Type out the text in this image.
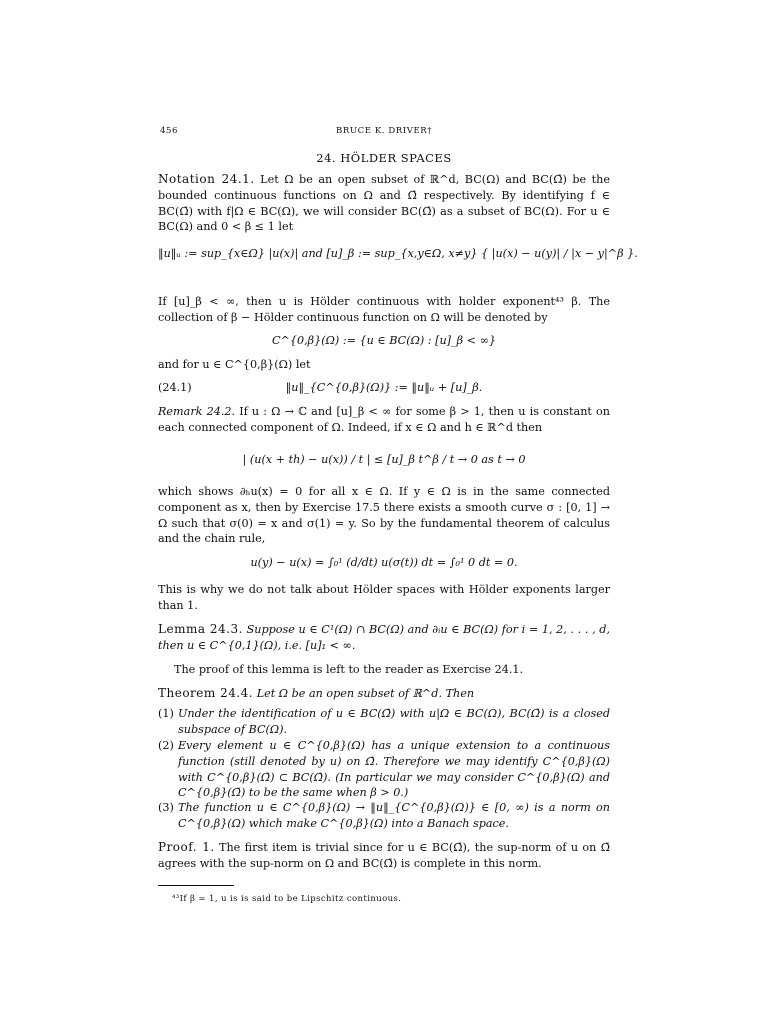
456	BRUCE K. DRIVER†
24. HÖLDER SPACES
Notation 24.1. Let Ω be an open subset of ℝ^d, BC(Ω) and BC(Ω̄) be the bounded continuous functions on Ω and Ω̄ respectively. By identifying f ∈ BC(Ω̄) with f|Ω ∈ BC(Ω), we will consider BC(Ω̄) as a subset of BC(Ω). For u ∈ BC(Ω) and 0 < β ≤ 1 let
‖u‖ᵤ := sup_{x∈Ω} |u(x)| and [u]_β := sup_{x,y∈Ω, x≠y} { |u(x) − u(y)| / |x − y|^β }.
If [u]_β < ∞, then u is Hölder continuous with holder exponent⁴³ β. The collection of β − Hölder continuous function on Ω will be denoted by
C^{0,β}(Ω) := {u ∈ BC(Ω) : [u]_β < ∞}
and for u ∈ C^{0,β}(Ω) let
(24.1)	‖u‖_{C^{0,β}(Ω)} := ‖u‖ᵤ + [u]_β.
Remark 24.2. If u : Ω → ℂ and [u]_β < ∞ for some β > 1, then u is constant on each connected component of Ω. Indeed, if x ∈ Ω and h ∈ ℝ^d then
| (u(x + th) − u(x)) / t | ≤ [u]_β t^β / t → 0 as t → 0
which shows ∂ₕu(x) = 0 for all x ∈ Ω. If y ∈ Ω is in the same connected component as x, then by Exercise 17.5 there exists a smooth curve σ : [0, 1] → Ω such that σ(0) = x and σ(1) = y. So by the fundamental theorem of calculus and the chain rule,
u(y) − u(x) = ∫₀¹ (d/dt) u(σ(t)) dt = ∫₀¹ 0 dt = 0.
This is why we do not talk about Hölder spaces with Hölder exponents larger than 1.
Lemma 24.3. Suppose u ∈ C¹(Ω) ∩ BC(Ω) and ∂ᵢu ∈ BC(Ω) for i = 1, 2, . . . , d, then u ∈ C^{0,1}(Ω), i.e. [u]₁ < ∞.
The proof of this lemma is left to the reader as Exercise 24.1.
Theorem 24.4. Let Ω be an open subset of ℝ^d. Then
(1) Under the identification of u ∈ BC(Ω̄) with u|Ω ∈ BC(Ω), BC(Ω̄) is a closed subspace of BC(Ω).
(2) Every element u ∈ C^{0,β}(Ω) has a unique extension to a continuous function (still denoted by u) on Ω̄. Therefore we may identify C^{0,β}(Ω) with C^{0,β}(Ω̄) ⊂ BC(Ω̄). (In particular we may consider C^{0,β}(Ω) and C^{0,β}(Ω̄) to be the same when β > 0.)
(3) The function u ∈ C^{0,β}(Ω) → ‖u‖_{C^{0,β}(Ω)} ∈ [0, ∞) is a norm on C^{0,β}(Ω) which make C^{0,β}(Ω) into a Banach space.
Proof. 1. The first item is trivial since for u ∈ BC(Ω̄), the sup-norm of u on Ω̄ agrees with the sup-norm on Ω and BC(Ω̄) is complete in this norm.
⁴³If β = 1, u is is said to be Lipschitz continuous.
